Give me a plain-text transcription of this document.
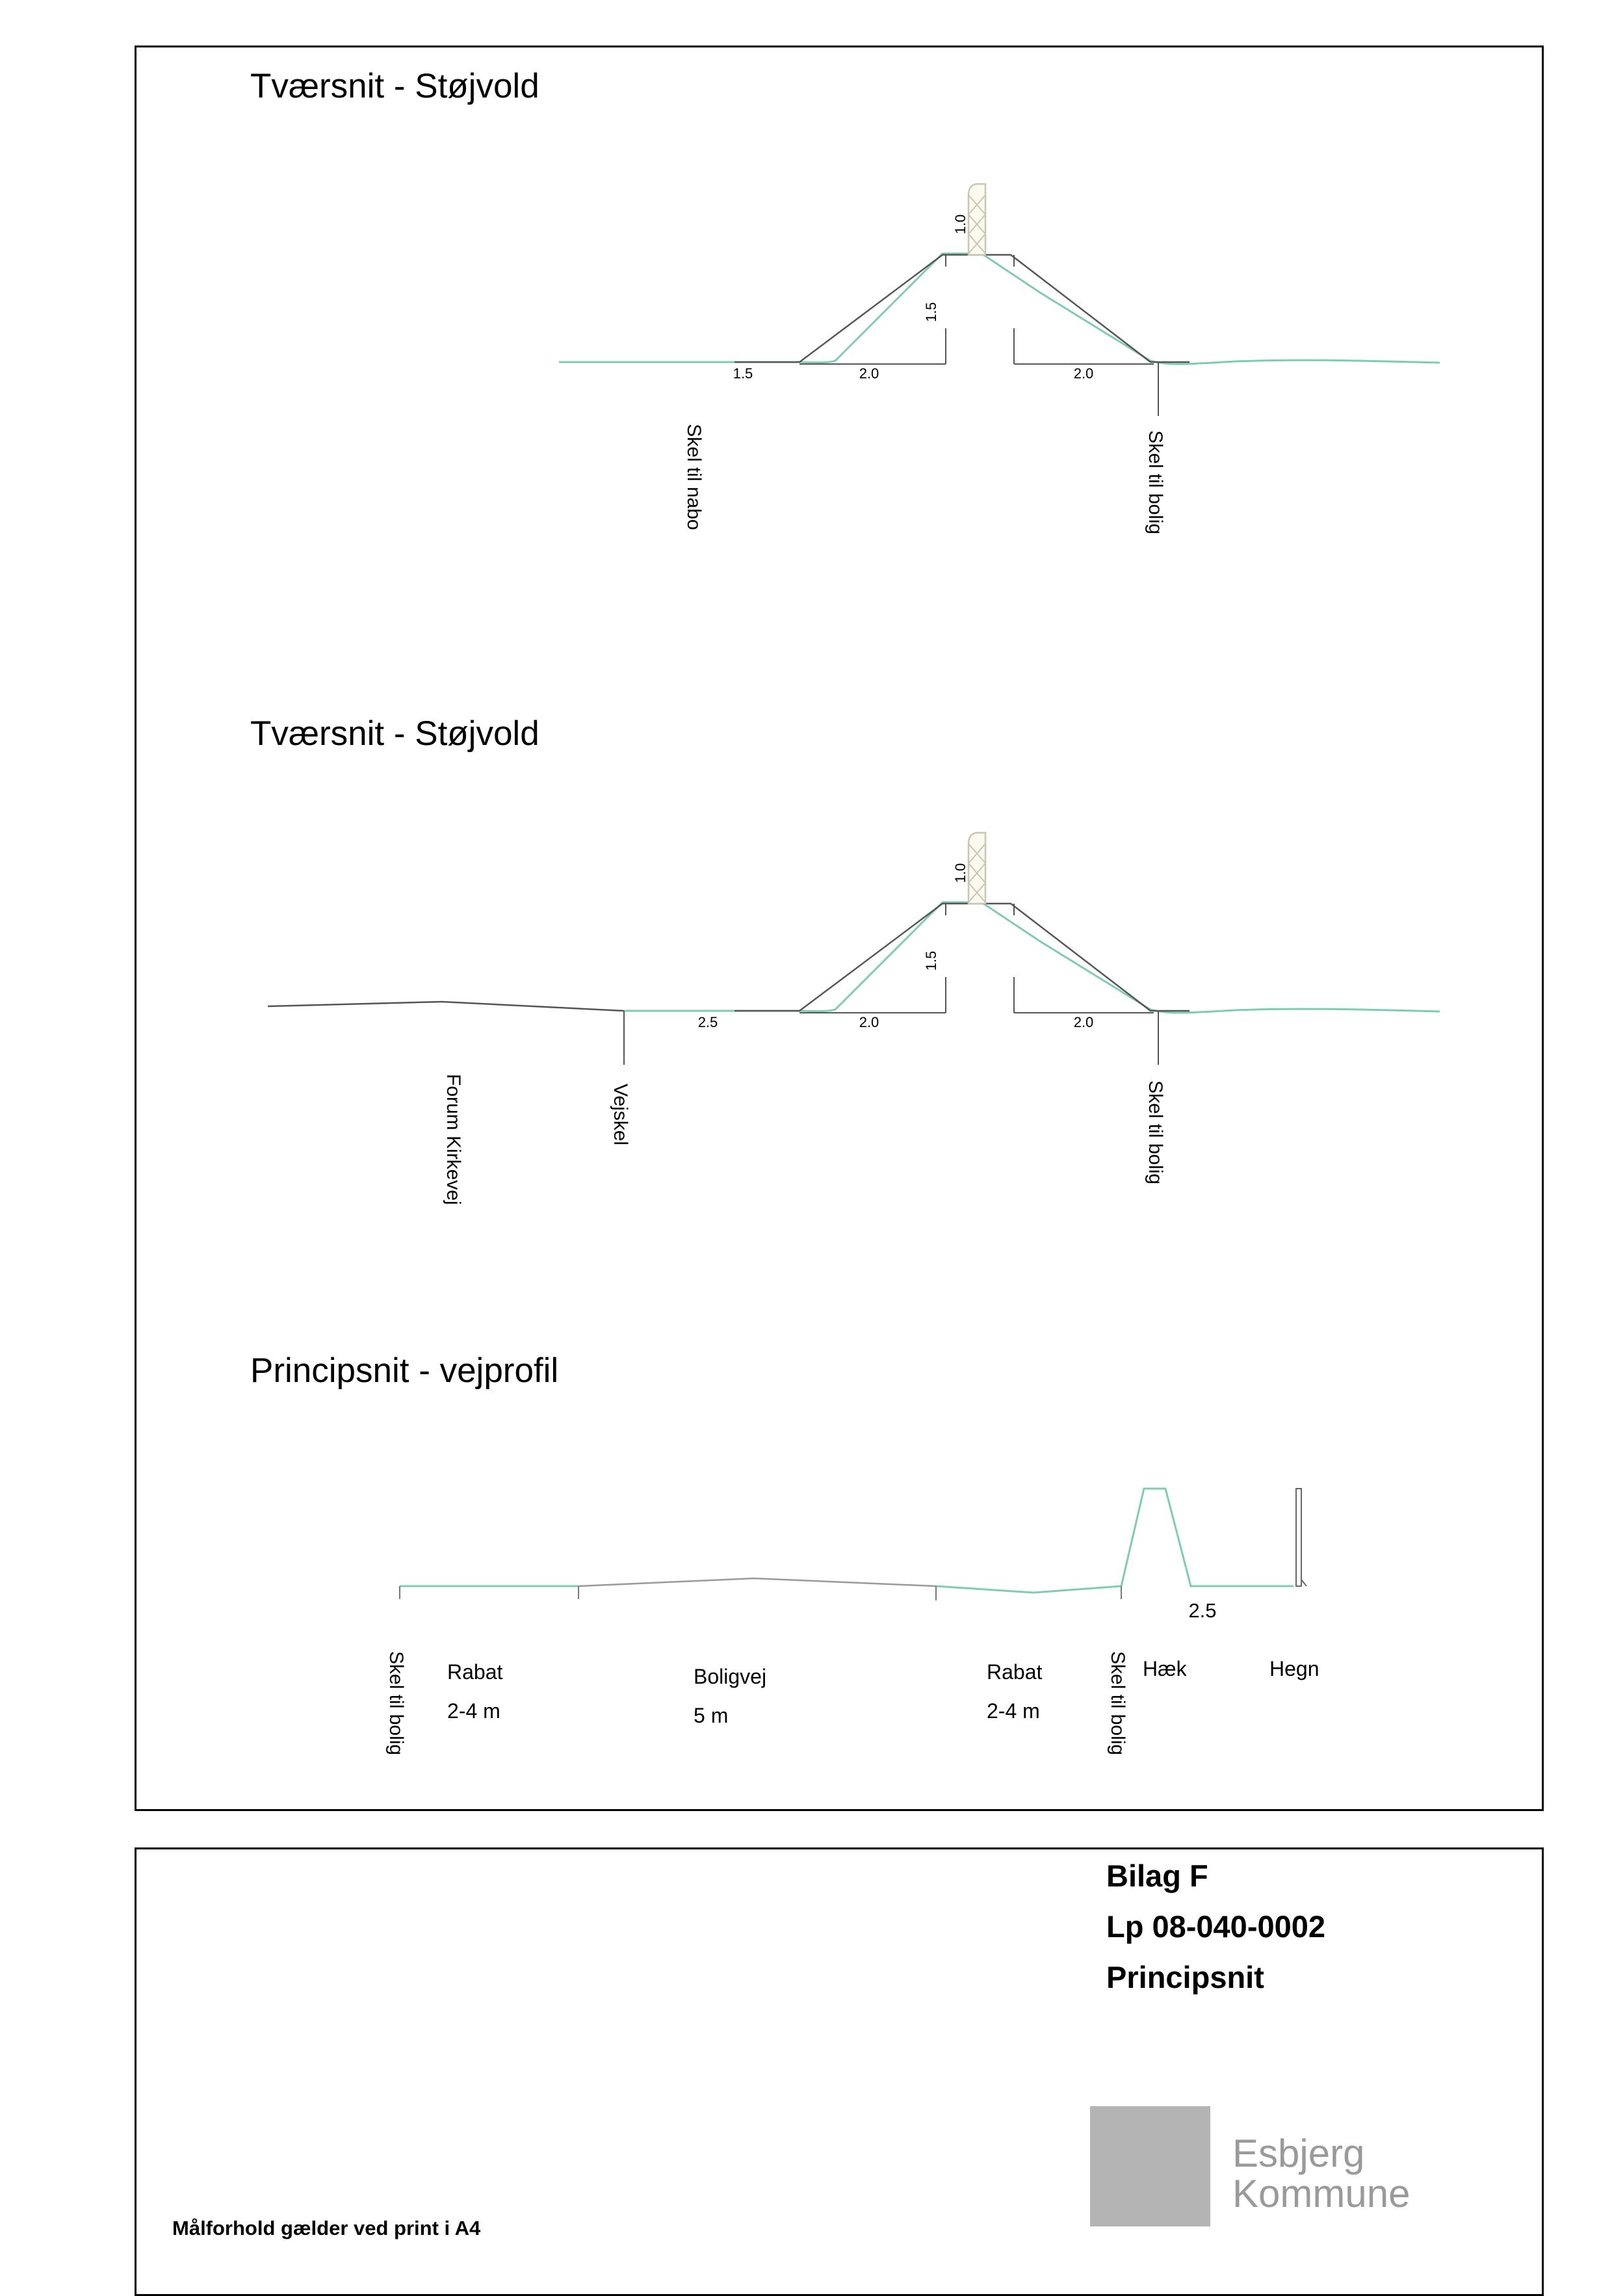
Tværsnit - Støjvold
Tværsnit - Støjvold
Principsnit - vejprofil
1.0
1.5
1.5	2.0	2.0
Skel til nabo	Skel til bolig
1.0
1.5
2.5	2.0	2.0
Forum Kirkevej	Vejskel	Skel til bolig
2.5
Skel til bolig Rabat
2-4 m
Boligvej
5 m
Rabat
2-4 m	Skel til bolig Hæk	Hegn
Bilag F
Lp 08-040-0002
Principsnit
Esbjerg
Kommune
Målforhold gælder ved print i A4
